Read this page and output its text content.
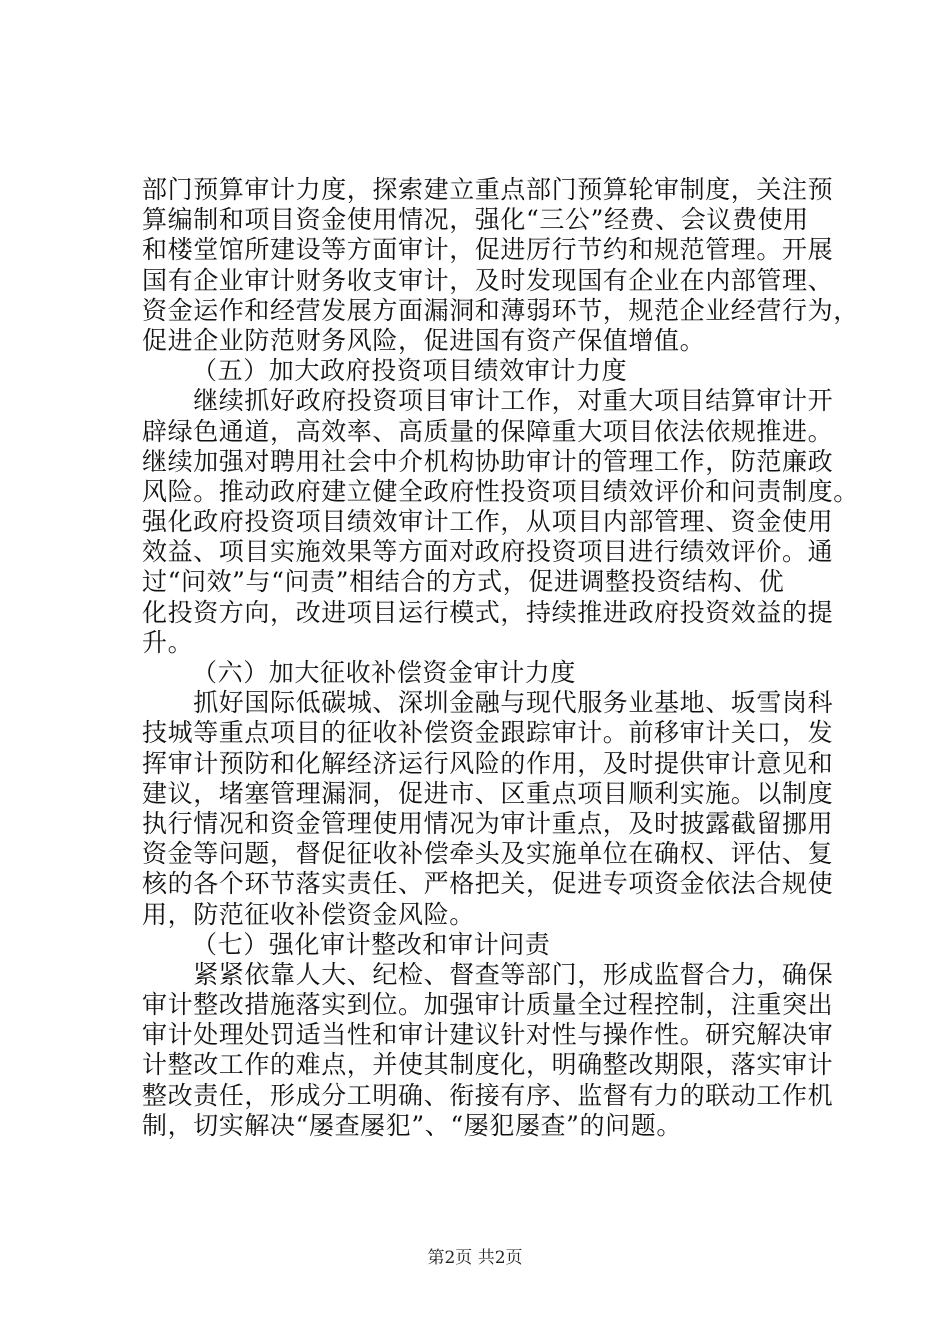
部门预算审计力度，探索建立重点部门预算轮审制度，关注预
算编制和项目资金使用情况，强化“三公”经费、会议费使用
和楼堂馆所建设等方面审计，促进厉行节约和规范管理。开展
国有企业审计财务收支审计，及时发现国有企业在内部管理、
资金运作和经营发展方面漏洞和薄弱环节，规范企业经营行为，
促进企业防范财务风险，促进国有资产保值增值。
（五）加大政府投资项目绩效审计力度
　　继续抓好政府投资项目审计工作，对重大项目结算审计开
辟绿色通道，高效率、高质量的保障重大项目依法依规推进。
继续加强对聘用社会中介机构协助审计的管理工作，防范廉政
风险。推动政府建立健全政府性投资项目绩效评价和问责制度。
强化政府投资项目绩效审计工作，从项目内部管理、资金使用
效益、项目实施效果等方面对政府投资项目进行绩效评价。通
过“问效”与“问责”相结合的方式，促进调整投资结构、优
化投资方向，改进项目运行模式，持续推进政府投资效益的提
升。
（六）加大征收补偿资金审计力度
　　抓好国际低碳城、深圳金融与现代服务业基地、坂雪岗科
技城等重点项目的征收补偿资金跟踪审计。前移审计关口，发
挥审计预防和化解经济运行风险的作用，及时提供审计意见和
建议，堵塞管理漏洞，促进市、区重点项目顺利实施。以制度
执行情况和资金管理使用情况为审计重点，及时披露截留挪用
资金等问题，督促征收补偿牵头及实施单位在确权、评估、复
核的各个环节落实责任、严格把关，促进专项资金依法合规使
用，防范征收补偿资金风险。
（七）强化审计整改和审计问责
　　紧紧依靠人大、纪检、督查等部门，形成监督合力，确保
审计整改措施落实到位。加强审计质量全过程控制，注重突出
审计处理处罚适当性和审计建议针对性与操作性。研究解决审
计整改工作的难点，并使其制度化，明确整改期限，落实审计
整改责任，形成分工明确、衔接有序、监督有力的联动工作机
制，切实解决“屡查屡犯”、“屡犯屡查”的问题。
第2页 共2页
